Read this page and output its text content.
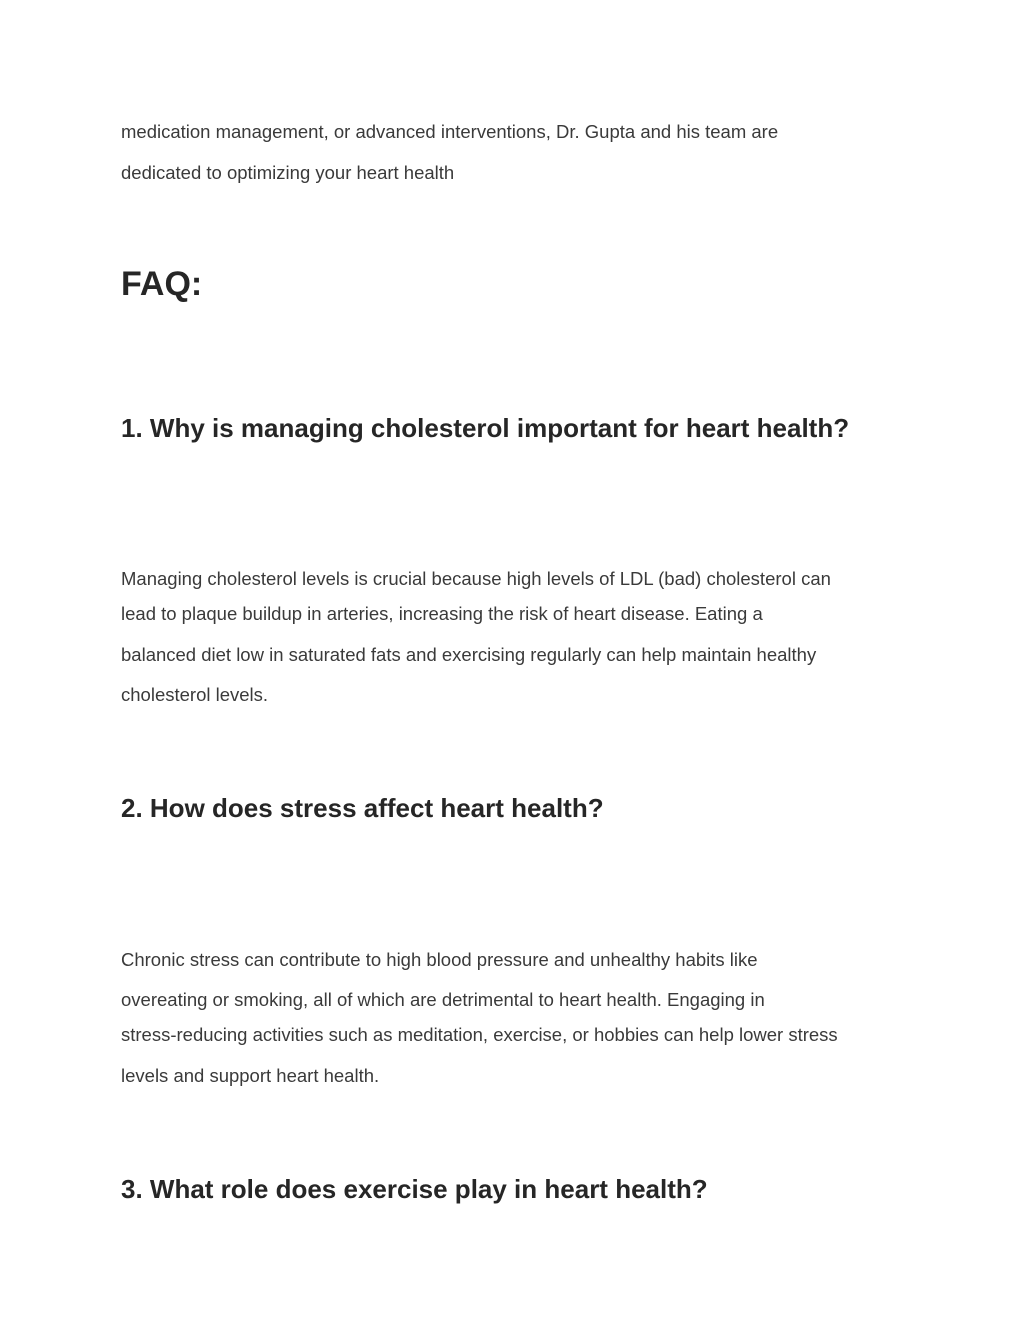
medication management, or advanced interventions, Dr. Gupta and his team are

dedicated to optimizing your heart health

FAQ:
1. Why is managing cholesterol important for heart health?

Managing cholesterol levels is crucial because high levels of LDL (bad) cholesterol can

lead to plaque buildup in arteries, increasing the risk of heart disease. Eating a

balanced diet low in saturated fats and exercising regularly can help maintain healthy

cholesterol levels.

2. How does stress affect heart health?

Chronic stress can contribute to high blood pressure and unhealthy habits like

overeating or smoking, all of which are detrimental to heart health. Engaging in

stress-reducing activities such as meditation, exercise, or hobbies can help lower stress

levels and support heart health.

3. What role does exercise play in heart health?
